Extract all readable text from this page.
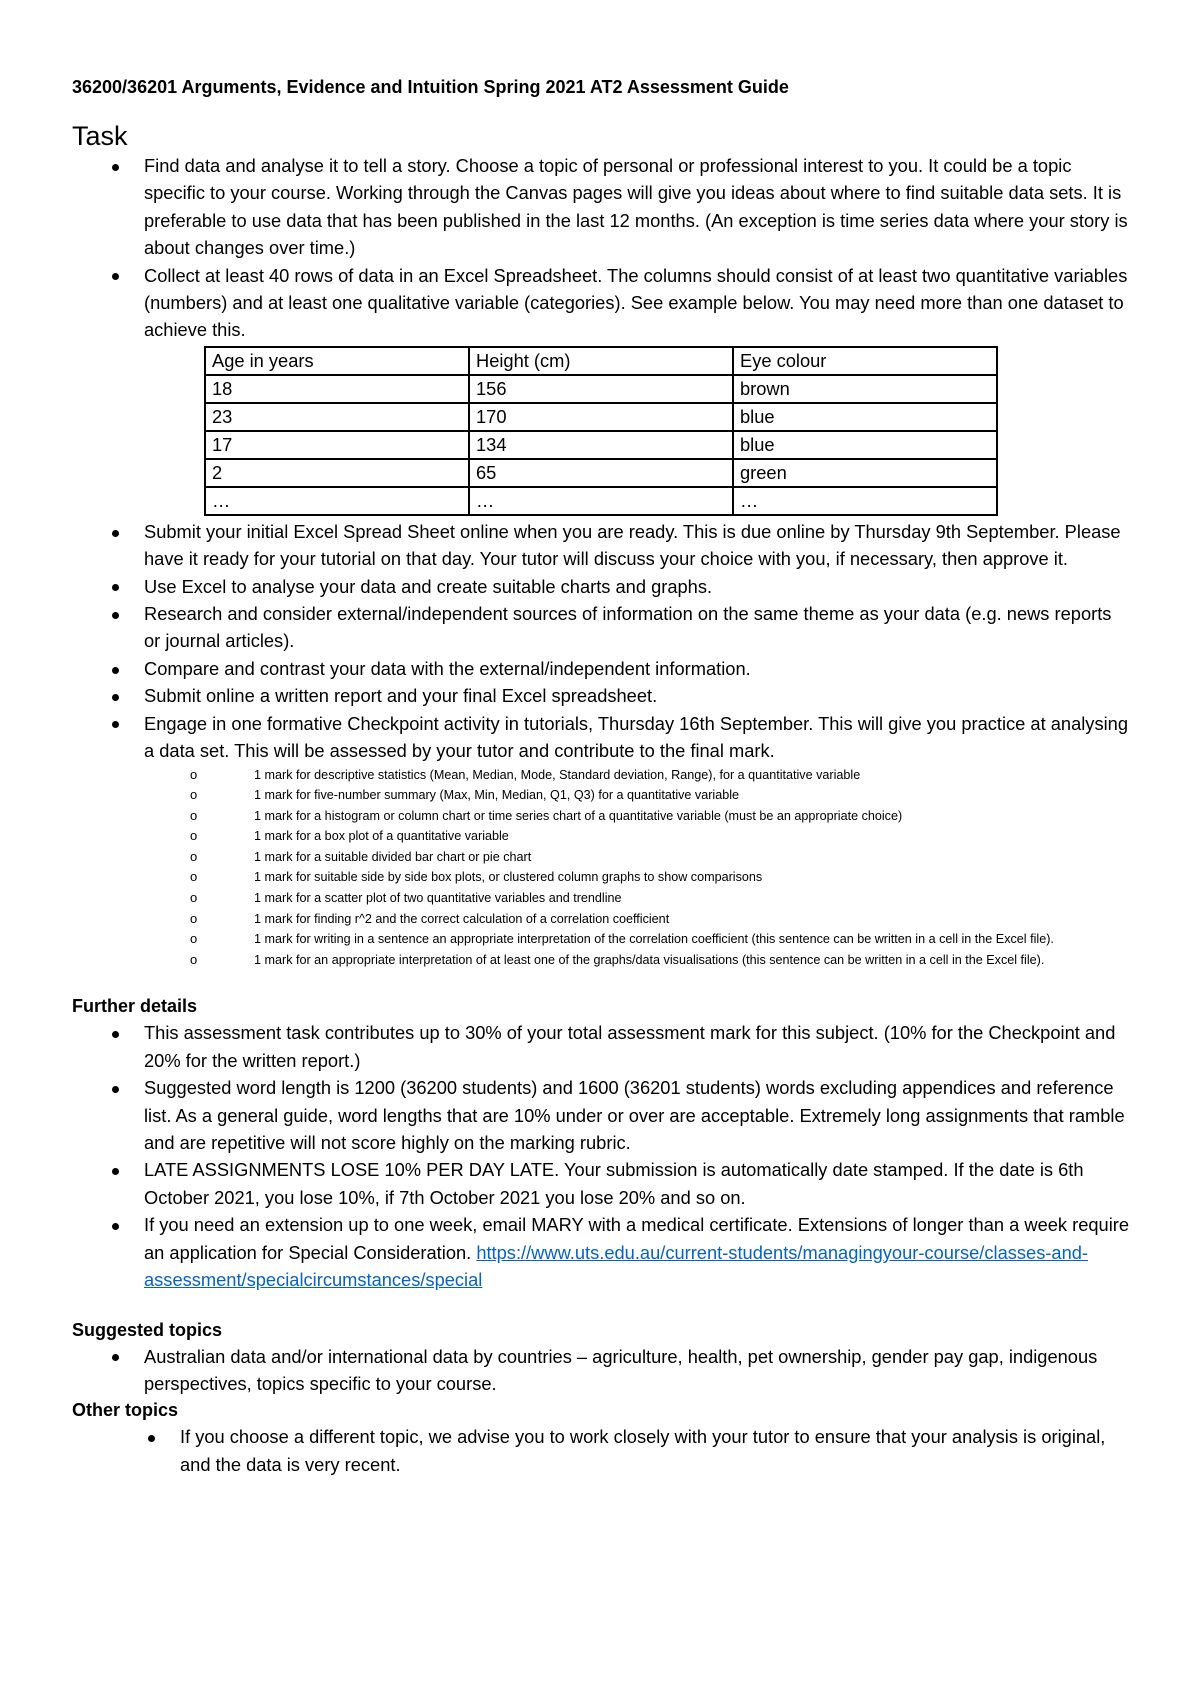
36200/36201 Arguments, Evidence and Intuition Spring 2021 AT2 Assessment Guide
Task
Find data and analyse it to tell a story. Choose a topic of personal or professional interest to you. It could be a topic specific to your course. Working through the Canvas pages will give you ideas about where to find suitable data sets. It is preferable to use data that has been published in the last 12 months. (An exception is time series data where your story is about changes over time.)
Collect at least 40 rows of data in an Excel Spreadsheet. The columns should consist of at least two quantitative variables (numbers) and at least one qualitative variable (categories). See example below. You may need more than one dataset to achieve this.
Age in years	Height (cm)	Eye colour
18	156	brown
23	170	blue
17	134	blue
2	65	green
…	…	…
Submit your initial Excel Spread Sheet online when you are ready. This is due online by Thursday 9th September. Please have it ready for your tutorial on that day. Your tutor will discuss your choice with you, if necessary, then approve it.
Use Excel to analyse your data and create suitable charts and graphs.
Research and consider external/independent sources of information on the same theme as your data (e.g. news reports or journal articles).
Compare and contrast your data with the external/independent information.
Submit online a written report and your final Excel spreadsheet.
Engage in one formative Checkpoint activity in tutorials, Thursday 16th September. This will give you practice at analysing a data set. This will be assessed by your tutor and contribute to the final mark.
o	1 mark for descriptive statistics (Mean, Median, Mode, Standard deviation, Range), for a quantitative variable
o	1 mark for five-number summary (Max, Min, Median, Q1, Q3) for a quantitative variable
o	1 mark for a histogram or column chart or time series chart of a quantitative variable (must be an appropriate choice)
o	1 mark for a box plot of a quantitative variable
o	1 mark for a suitable divided bar chart or pie chart
o	1 mark for suitable side by side box plots, or clustered column graphs to show comparisons
o	1 mark for a scatter plot of two quantitative variables and trendline
o	1 mark for finding r^2 and the correct calculation of a correlation coefficient
o	1 mark for writing in a sentence an appropriate interpretation of the correlation coefficient (this sentence can be written in a cell in the Excel file).
o	1 mark for an appropriate interpretation of at least one of the graphs/data visualisations (this sentence can be written in a cell in the Excel file).
Further details
This assessment task contributes up to 30% of your total assessment mark for this subject. (10% for the Checkpoint and 20% for the written report.)
Suggested word length is 1200 (36200 students) and 1600 (36201 students) words excluding appendices and reference list. As a general guide, word lengths that are 10% under or over are acceptable. Extremely long assignments that ramble and are repetitive will not score highly on the marking rubric.
LATE ASSIGNMENTS LOSE 10% PER DAY LATE. Your submission is automatically date stamped. If the date is 6th October 2021, you lose 10%, if 7th October 2021 you lose 20% and so on.
If you need an extension up to one week, email MARY with a medical certificate. Extensions of longer than a week require an application for Special Consideration. https://www.uts.edu.au/current-students/managingyour-course/classes-and-assessment/specialcircumstances/special
Suggested topics
Australian data and/or international data by countries – agriculture, health, pet ownership, gender pay gap, indigenous perspectives, topics specific to your course.
Other topics
If you choose a different topic, we advise you to work closely with your tutor to ensure that your analysis is original, and the data is very recent.
